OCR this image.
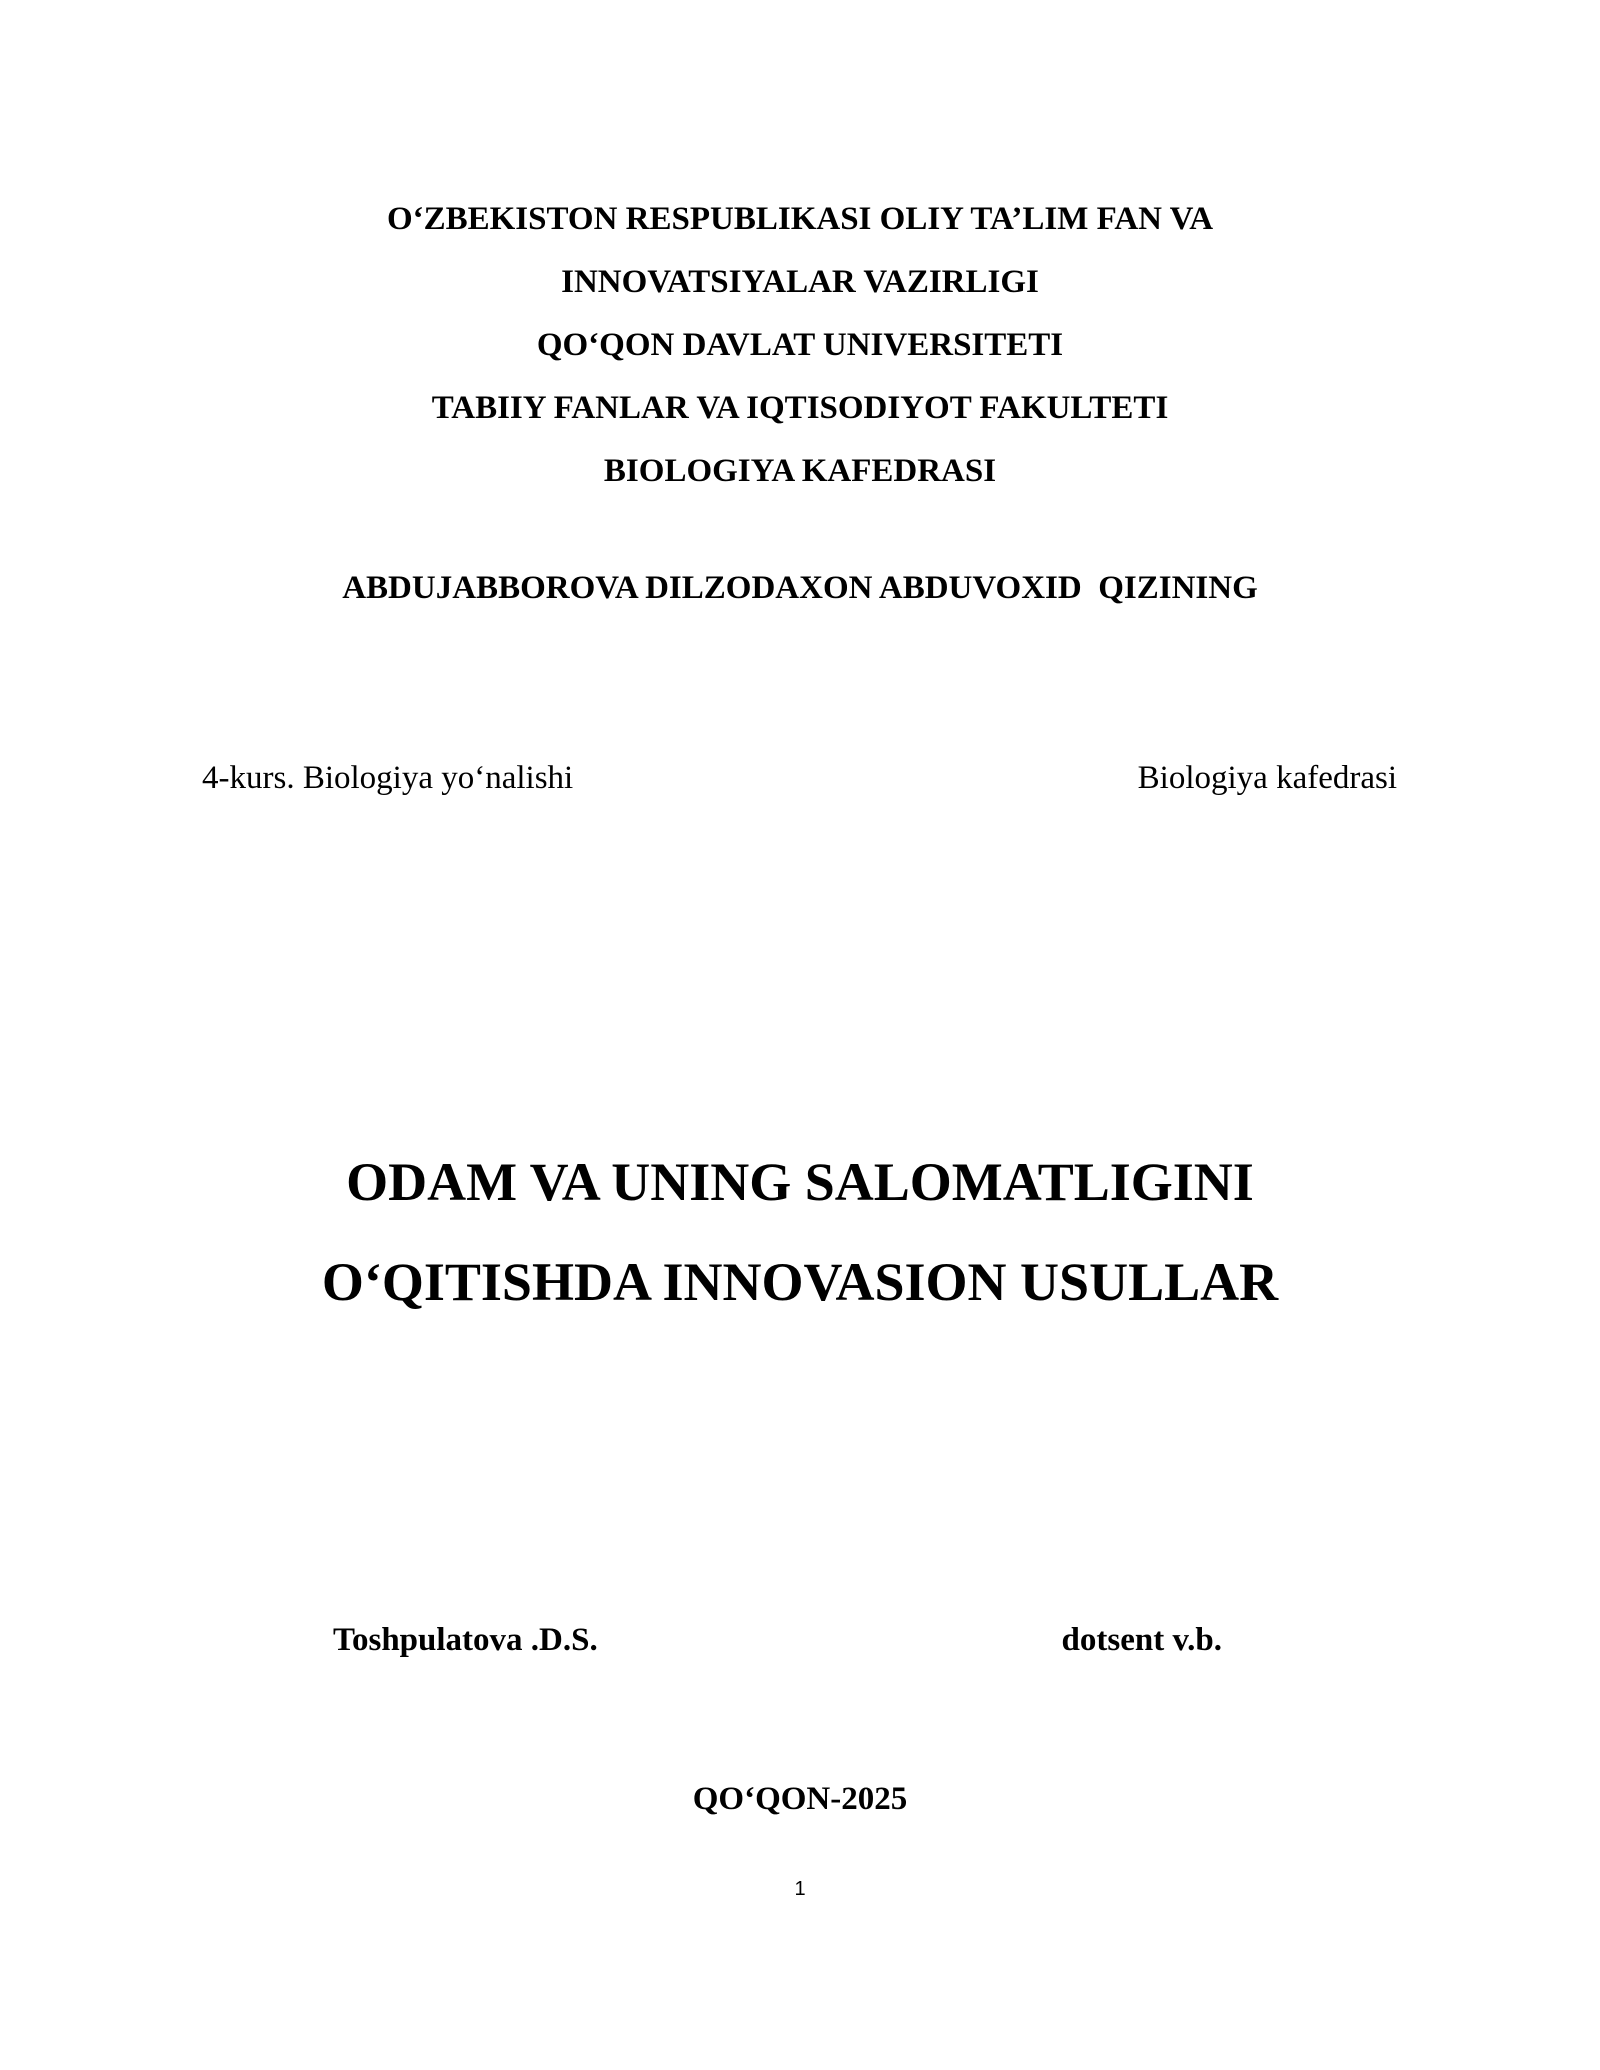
O‘ZBEKISTON RESPUBLIKASI OLIY TA’LIM FAN VA
INNOVATSIYALAR VAZIRLIGI
QO‘QON DAVLAT UNIVERSITETI
TABIIY FANLAR VA IQTISODIYOT FAKULTETI
BIOLOGIYA KAFEDRASI
ABDUJABBOROVA DILZODAXON ABDUVOXID  QIZINING
4-kurs. Biologiya yo‘nalishi	Biologiya kafedrasi
ODAM VA UNING SALOMATLIGINI
O‘QITISHDA INNOVASION USULLAR
Toshpulatova .D.S.	dotsent v.b.
QO‘QON-2025
1
